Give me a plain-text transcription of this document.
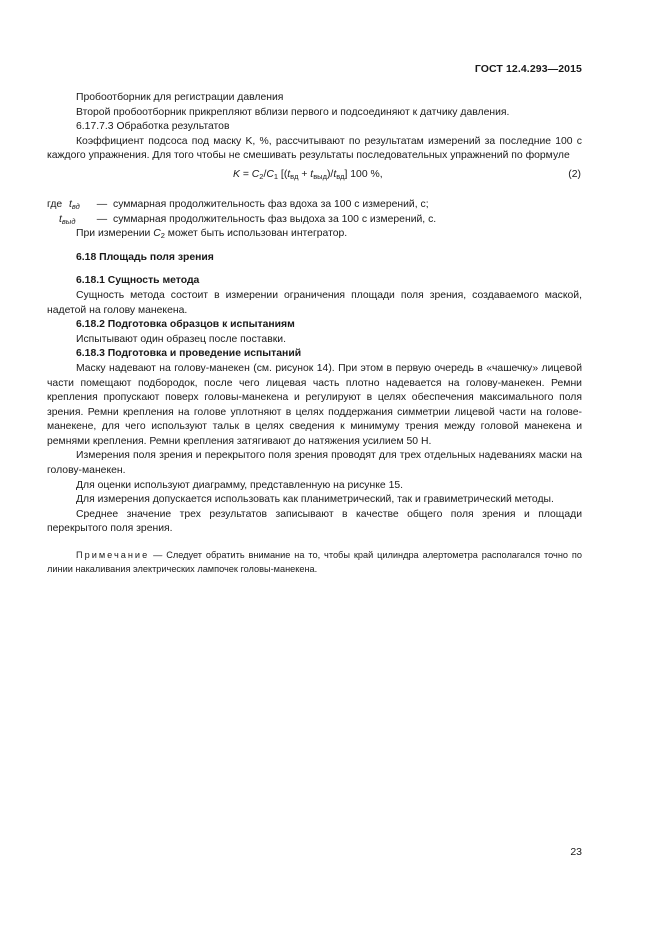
ГОСТ 12.4.293—2015

Пробоотборник для регистрации давления

Второй пробоотборник прикрепляют вблизи первого и подсоединяют к датчику давления.

6.17.7.3 Обработка результатов

Коэффициент подсоса под маску K, %, рассчитывают по результатам измерений за последние 100 с каждого упражнения. Для того чтобы не смешивать результаты последовательных упражнений по формуле

$K = C_2/C_1$ $[(t_{вд} + t_{выд})/t_{вд}]$ 100 %,	(2)
где $t_{вд}$	— суммарная продолжительность фаз вдоха за 100 с измерений, с;
$t_{выд}$	— суммарная продолжительность фаз выдоха за 100 с измерений, с.

При измерении $C_2$ может быть использован интегратор.

6.18 Площадь поля зрения

6.18.1 Сущность метода

Сущность метода состоит в измерении ограничения площади поля зрения, создаваемого маской, надетой на голову манекена.

6.18.2 Подготовка образцов к испытаниям

Испытывают один образец после поставки.

6.18.3 Подготовка и проведение испытаний

Маску надевают на голову-манекен (см. рисунок 14). При этом в первую очередь в «чашечку» лицевой части помещают подбородок, после чего лицевая часть плотно надевается на голову-манекен. Ремни крепления пропускают поверх головы-манекена и регулируют в целях обеспечения максимального поля зрения. Ремни крепления на голове уплотняют в целях поддержания симметрии лицевой части на голове-манекене, для чего используют тальк в целях сведения к минимуму трения между головой манекена и ремнями крепления. Ремни крепления затягивают до натяжения усилием 50 Н.

Измерения поля зрения и перекрытого поля зрения проводят для трех отдельных надеваниях маски на голову-манекен.

Для оценки используют диаграмму, представленную на рисунке 15.

Для измерения допускается использовать как планиметрический, так и гравиметрический методы.

Среднее значение трех результатов записывают в качестве общего поля зрения и площади перекрытого поля зрения.

Примечание — Следует обратить внимание на то, чтобы край цилиндра алертометра располагался точно по линии накаливания электрических лампочек головы-манекена.

23
